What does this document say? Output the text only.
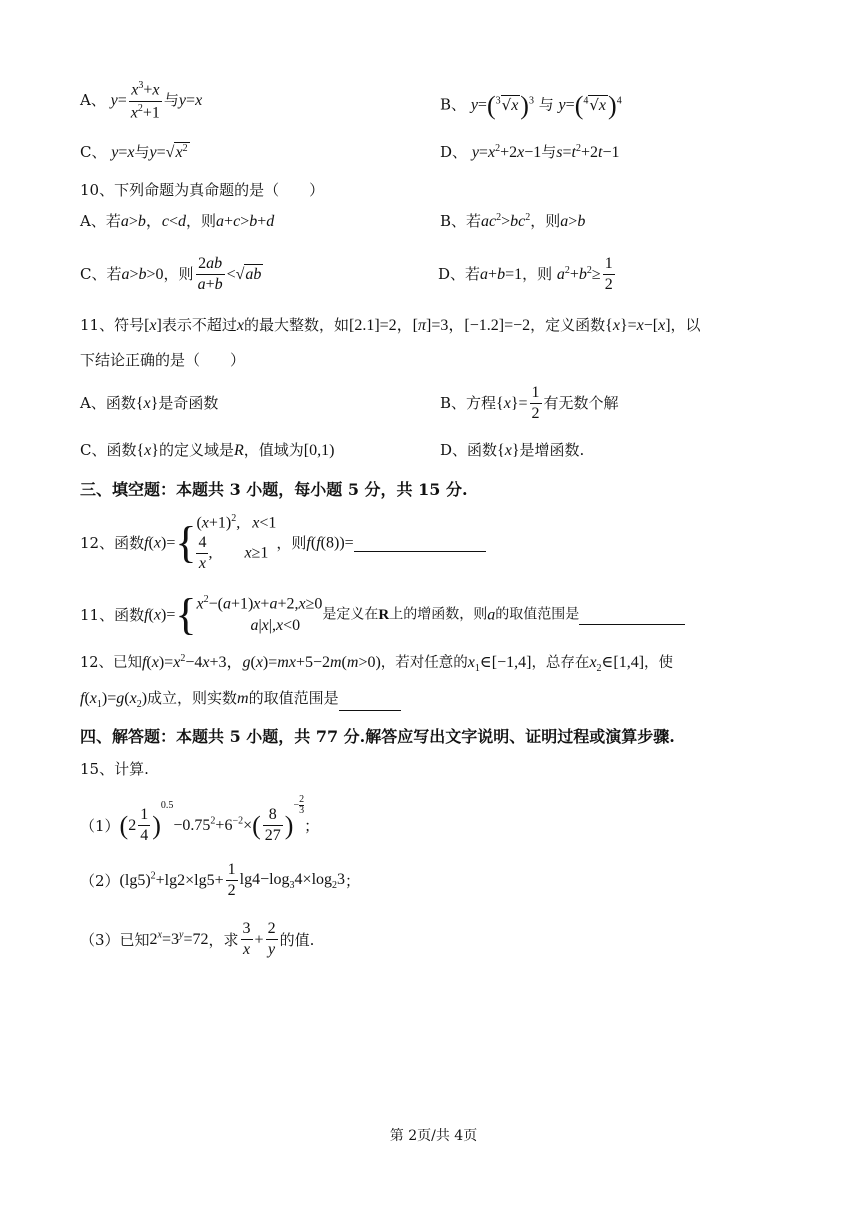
A、 $y= \frac{x^3+x}{x^2+1}$ 与y=x	B、 $y=(^3√x)^3$ 与 $y=(^4√x)^4$
C、 y=x与$y=√x^2$	D、 $y=x^2+2x-1$与$s=t^2+2t-1$
10、下列命题为真命题的是（　　）
A、若a>b，c<d，则a+c>b+d	B、若$ac^2>bc^2$，则a>b
C、若a>b>0，则 $\frac{2ab}{a+b} <√ab$	D、若a+b=1，则 $a^2+b^2\ge \frac{1}{2}$
11、符号[x]表示不超过x的最大整数，如[2.1]=2，[π]=3，[−1.2]=−2，定义函数{x}=x−[x]，以
下结论正确的是（　　）
A、函数{x}是奇函数	B、方程$\{x\}= \frac{1}{2}$ 有无数个解
C、函数{x}的定义域是R，值域为[0,1)	D、函数{x}是增函数.
三、填空题：本题共 3 小题，每小题 5 分，共 15 分.
12、函数f(x)={ $(x+1)^2$,   x<1
$\frac{4}{x}$ ,        x≥1
，则f(f(8))=
11、函数f(x)={ $x^2-(a+1)x+a+2,x\ge 0$
a|x|,x<0
是定义在R上的增函数，则a的取值范围是
12、已知$f(x)=x^2-4x+3$，g(x)=mx+5−2m(m>0)，若对任意的$x_1\in[-1,4]$，总存在$x_2\in[1,4]$，使
$f(x_1)=g(x_2)$成立，则实数m的取值范围是
四、解答题：本题共 5 小题，共 77 分.解答应写出文字说明、证明过程或演算步骤.
15、计算.
$(1)(2 \frac{1}{4} )^{0.5}-0.75^2+6^{-2}\times( \frac{8}{27} )^{- \frac{2}{3}}$
；
$(2)(\lg 5)^2+\lg 2\times\lg 5+ \frac{1}{2} \lg 4-\log_34\times\log_23$；
（3）已知$2^x=3^y=72$，求 $\frac{3}{x} + \frac{2}{y}$ 的值.
第 2页/共 4页
